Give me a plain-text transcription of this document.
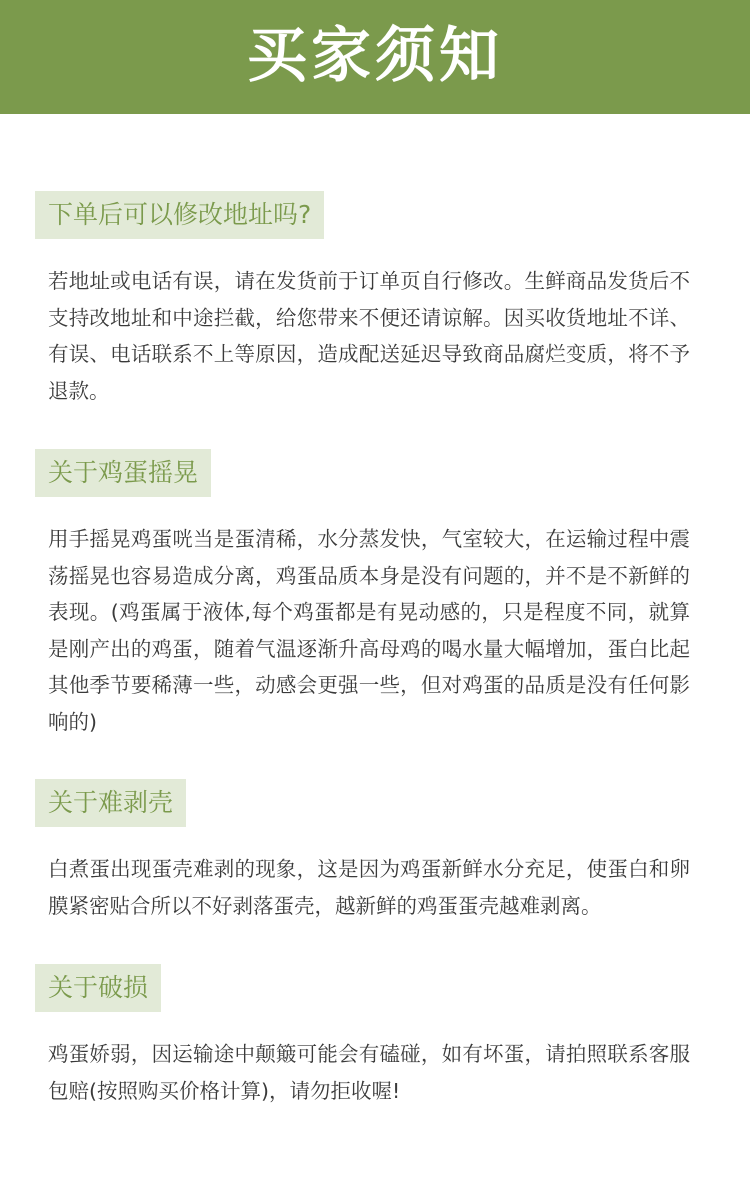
买家须知
下单后可以修改地址吗?
若地址或电话有误，请在发货前于订单页自行修改。生鲜商品发货后不支持改地址和中途拦截，给您带来不便还请谅解。因买收货地址不详、有误、电话联系不上等原因，造成配送延迟导致商品腐烂变质，将不予退款。
关于鸡蛋摇晃
用手摇晃鸡蛋咣当是蛋清稀，水分蒸发快，气室较大，在运输过程中震荡摇晃也容易造成分离，鸡蛋品质本身是没有问题的，并不是不新鲜的表现。(鸡蛋属于液体,每个鸡蛋都是有晃动感的，只是程度不同，就算是刚产出的鸡蛋，随着气温逐渐升高母鸡的喝水量大幅增加，蛋白比起其他季节要稀薄一些，动感会更强一些，但对鸡蛋的品质是没有任何影响的)
关于难剥壳
白煮蛋出现蛋壳难剥的现象，这是因为鸡蛋新鲜水分充足，使蛋白和卵膜紧密贴合所以不好剥落蛋壳，越新鲜的鸡蛋蛋壳越难剥离。
关于破损
鸡蛋娇弱，因运输途中颠簸可能会有磕碰，如有坏蛋，请拍照联系客服包赔(按照购买价格计算)，请勿拒收喔!
